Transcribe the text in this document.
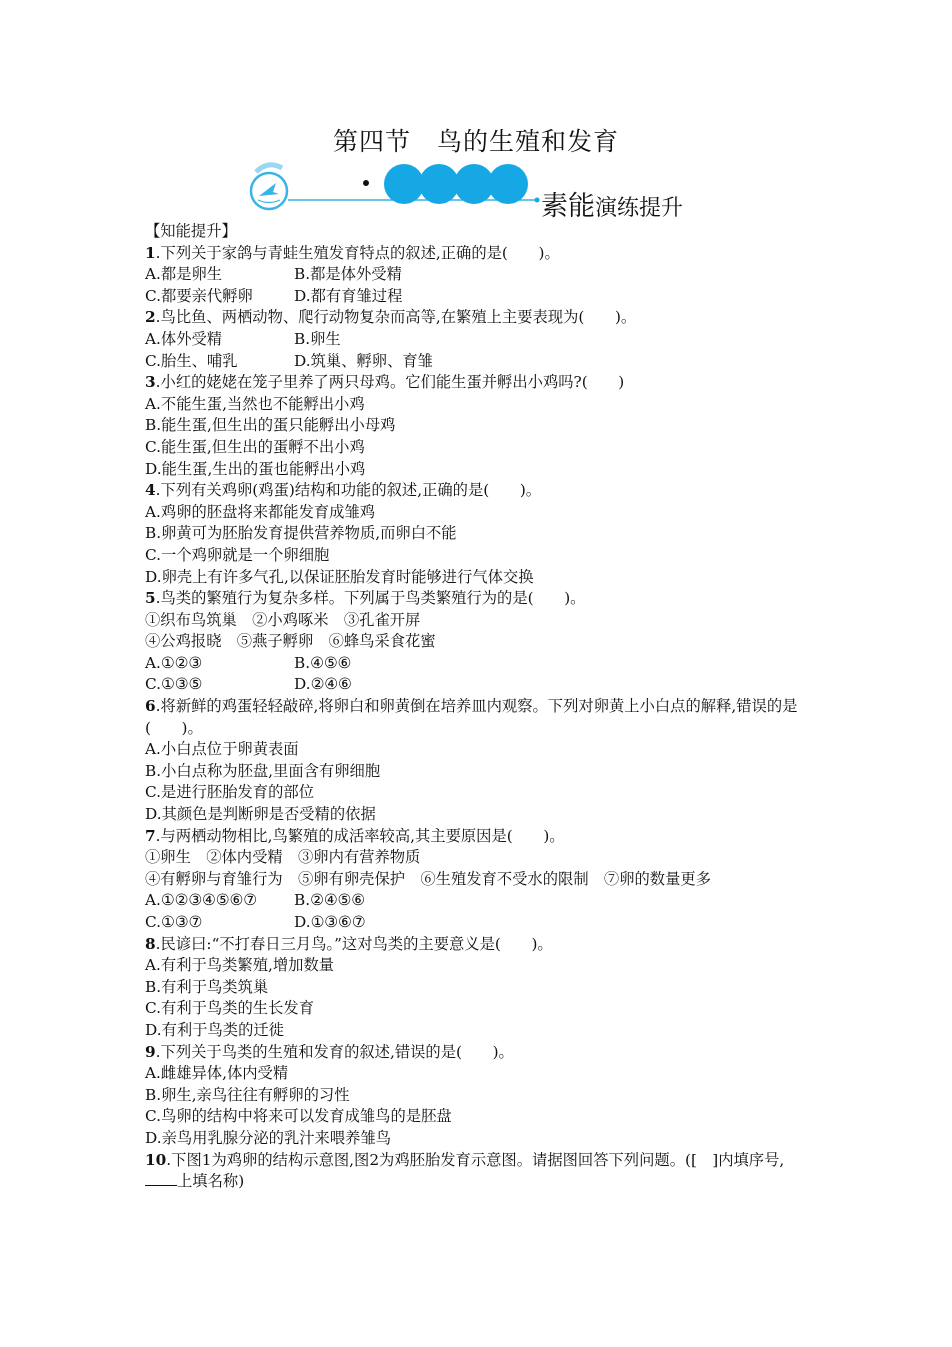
第四节　鸟的生殖和发育
素能演练提升
【知能提升】
1.下列关于家鸽与青蛙生殖发育特点的叙述,正确的是(　　)。
A.都是卵生	B.都是体外受精
C.都要亲代孵卵	D.都有育雏过程
2.鸟比鱼、两栖动物、爬行动物复杂而高等,在繁殖上主要表现为(　　)。
A.体外受精	B.卵生
C.胎生、哺乳	D.筑巢、孵卵、育雏
3.小红的姥姥在笼子里养了两只母鸡。它们能生蛋并孵出小鸡吗?(　　)
A.不能生蛋,当然也不能孵出小鸡
B.能生蛋,但生出的蛋只能孵出小母鸡
C.能生蛋,但生出的蛋孵不出小鸡
D.能生蛋,生出的蛋也能孵出小鸡
4.下列有关鸡卵(鸡蛋)结构和功能的叙述,正确的是(　　)。
A.鸡卵的胚盘将来都能发育成雏鸡
B.卵黄可为胚胎发育提供营养物质,而卵白不能
C.一个鸡卵就是一个卵细胞
D.卵壳上有许多气孔,以保证胚胎发育时能够进行气体交换
5.鸟类的繁殖行为复杂多样。下列属于鸟类繁殖行为的是(　　)。
①织布鸟筑巢　②小鸡啄米　③孔雀开屏
④公鸡报晓　⑤燕子孵卵　⑥蜂鸟采食花蜜
A.①②③	B.④⑤⑥
C.①③⑤	D.②④⑥
6.将新鲜的鸡蛋轻轻敲碎,将卵白和卵黄倒在培养皿内观察。下列对卵黄上小白点的解释,错误的是(　　)。
A.小白点位于卵黄表面
B.小白点称为胚盘,里面含有卵细胞
C.是进行胚胎发育的部位
D.其颜色是判断卵是否受精的依据
7.与两栖动物相比,鸟繁殖的成活率较高,其主要原因是(　　)。
①卵生　②体内受精　③卵内有营养物质
④有孵卵与育雏行为　⑤卵有卵壳保护　⑥生殖发育不受水的限制　⑦卵的数量更多
A.①②③④⑤⑥⑦	B.②④⑤⑥
C.①③⑦	D.①③⑥⑦
8.民谚曰:“不打春日三月鸟。”这对鸟类的主要意义是(　　)。
A.有利于鸟类繁殖,增加数量
B.有利于鸟类筑巢
C.有利于鸟类的生长发育
D.有利于鸟类的迁徙
9.下列关于鸟类的生殖和发育的叙述,错误的是(　　)。
A.雌雄异体,体内受精
B.卵生,亲鸟往往有孵卵的习性
C.鸟卵的结构中将来可以发育成雏鸟的是胚盘
D.亲鸟用乳腺分泌的乳汁来喂养雏鸟
10.下图1为鸡卵的结构示意图,图2为鸡胚胎发育示意图。请据图回答下列问题。([　]内填序号,上填名称)
